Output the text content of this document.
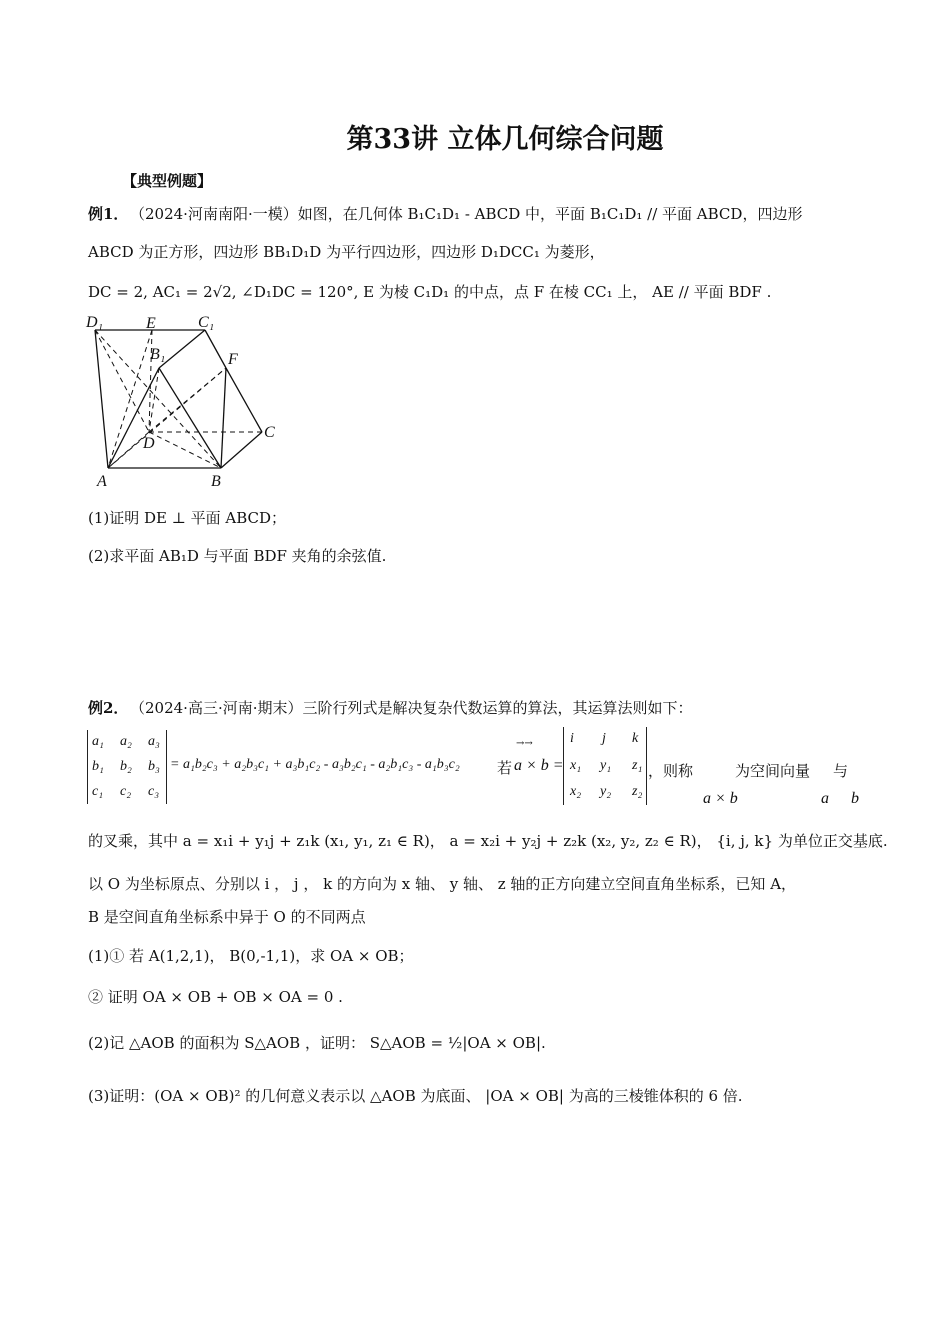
第33讲 立体几何综合问题
【典型例题】
例1． （2024·河南南阳·一模）如图，在几何体 B₁C₁D₁ - ABCD 中，平面 B₁C₁D₁ // 平面 ABCD，四边形
ABCD 为正方形，四边形 BB₁D₁D 为平行四边形，四边形 D₁DCC₁ 为菱形，
DC = 2, AC₁ = 2√2, ∠D₁DC = 120°, E 为棱 C₁D₁ 的中点，点 F 在棱 CC₁ 上， AE // 平面 BDF .
D₁	E	C₁
B₁	F
C
D
A	B
(1)证明 DE ⊥ 平面 ABCD；
(2)求平面 AB₁D 与平面 BDF 夹角的余弦值.
例2． （2024·高三·河南·期末）三阶行列式是解决复杂代数运算的算法，其运算法则如下：
a₁ a₂ a₃
b₁ b₂ b₃
c₁ c₂ c₃
= a₁b₂c₃ + a₂b₃c₁ + a₃b₁c₂ - a₃b₂c₁ - a₂b₁c₃ - a₁b₃c₂ 若 a × b =
→→	i j k
x₁ y₁ z₁
x₂ y₂ z₂
，则称	为空间向量 与
a × b	a b
的叉乘，其中 a = x₁i + y₁j + z₁k (x₁, y₁, z₁ ∈ R)， a = x₂i + y₂j + z₂k (x₂, y₂, z₂ ∈ R)， {i, j, k} 为单位正交基底.
以 O 为坐标原点、分别以 i ， j ， k 的方向为 x 轴、 y 轴、 z 轴的正方向建立空间直角坐标系，已知 A，
B 是空间直角坐标系中异于 O 的不同两点
(1)① 若 A(1,2,1)， B(0,-1,1)，求 OA × OB；
② 证明 OA × OB + OB × OA = 0 .
(2)记 △AOB 的面积为 S△AOB ，证明： S△AOB = ½|OA × OB|.
(3)证明：(OA × OB)² 的几何意义表示以 △AOB 为底面、 |OA × OB| 为高的三棱锥体积的 6 倍.
